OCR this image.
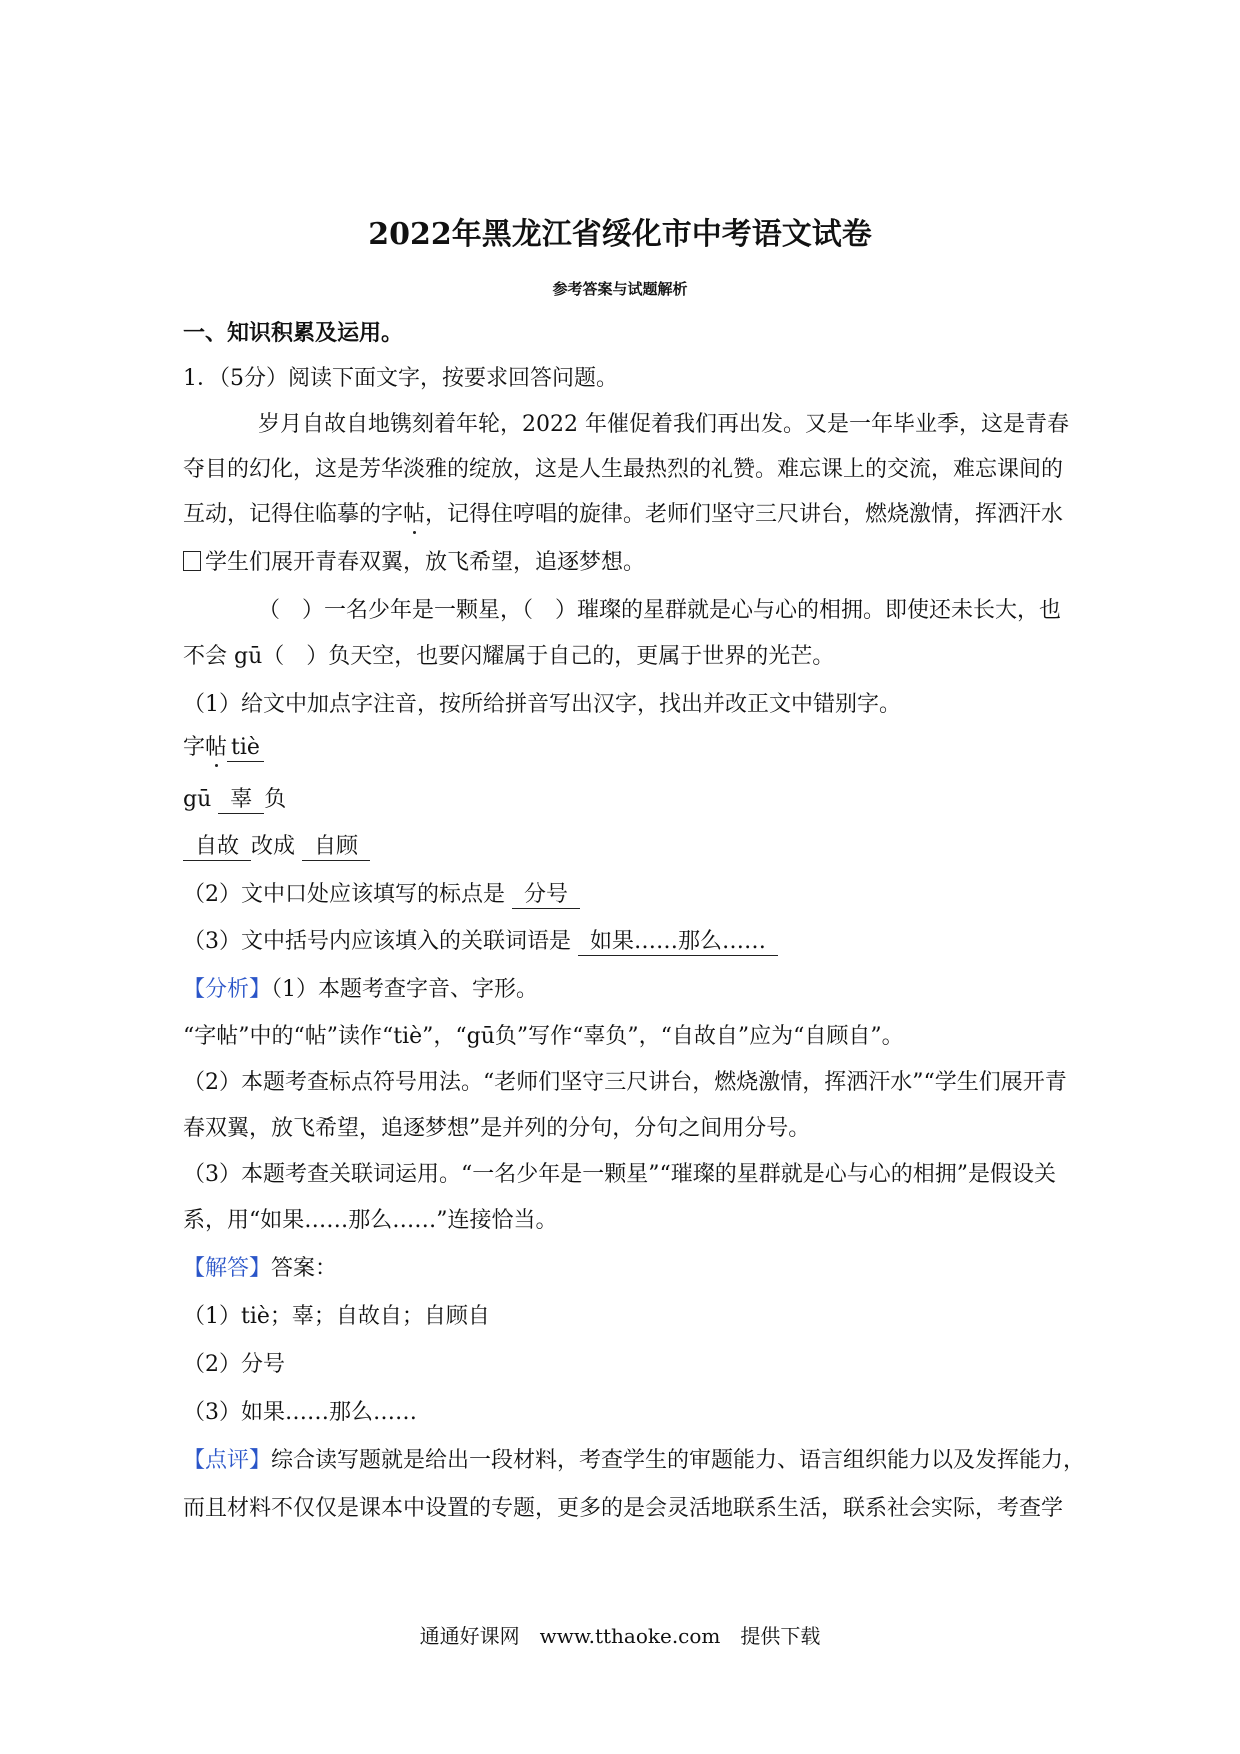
2022年黑龙江省绥化市中考语文试卷
参考答案与试题解析
一、知识积累及运用。
1．（5分）阅读下面文字，按要求回答问题。
岁月自故自地镌刻着年轮，2022 年催促着我们再出发。又是一年毕业季，这是青春
夺目的幻化，这是芳华淡雅的绽放，这是人生最热烈的礼赞。难忘课上的交流，难忘课间的
互动，记得住临摹的字帖，记得住哼唱的旋律。老师们坚守三尺讲台，燃烧激情，挥洒汗水
学生们展开青春双翼，放飞希望，追逐梦想。
（　）一名少年是一颗星，（　）璀璨的星群就是心与心的相拥。即使还未长大，也
不会 gū（　）负天空，也要闪耀属于自己的，更属于世界的光芒。
（1）给文中加点字注音，按所给拼音写出汉字，找出并改正文中错别字。
字帖 tiè
gū 辜 负
自故 改成 自顾
（2）文中口处应该填写的标点是 分号
（3）文中括号内应该填入的关联词语是 如果……那么……
【分析】（1）本题考查字音、字形。
“字帖”中的“帖”读作“tiè”，“gū负”写作“辜负”，“自故自”应为“自顾自”。
（2）本题考查标点符号用法。“老师们坚守三尺讲台，燃烧激情，挥洒汗水”“学生们展开青
春双翼，放飞希望，追逐梦想”是并列的分句，分句之间用分号。
（3）本题考查关联词运用。“一名少年是一颗星”“璀璨的星群就是心与心的相拥”是假设关
系，用“如果……那么……”连接恰当。
【解答】答案：
（1）tiè；辜；自故自；自顾自
（2）分号
（3）如果……那么……
【点评】综合读写题就是给出一段材料，考查学生的审题能力、语言组织能力以及发挥能力，
而且材料不仅仅是课本中设置的专题，更多的是会灵活地联系生活，联系社会实际，考查学
通通好课网　www.tthaoke.com　提供下载
